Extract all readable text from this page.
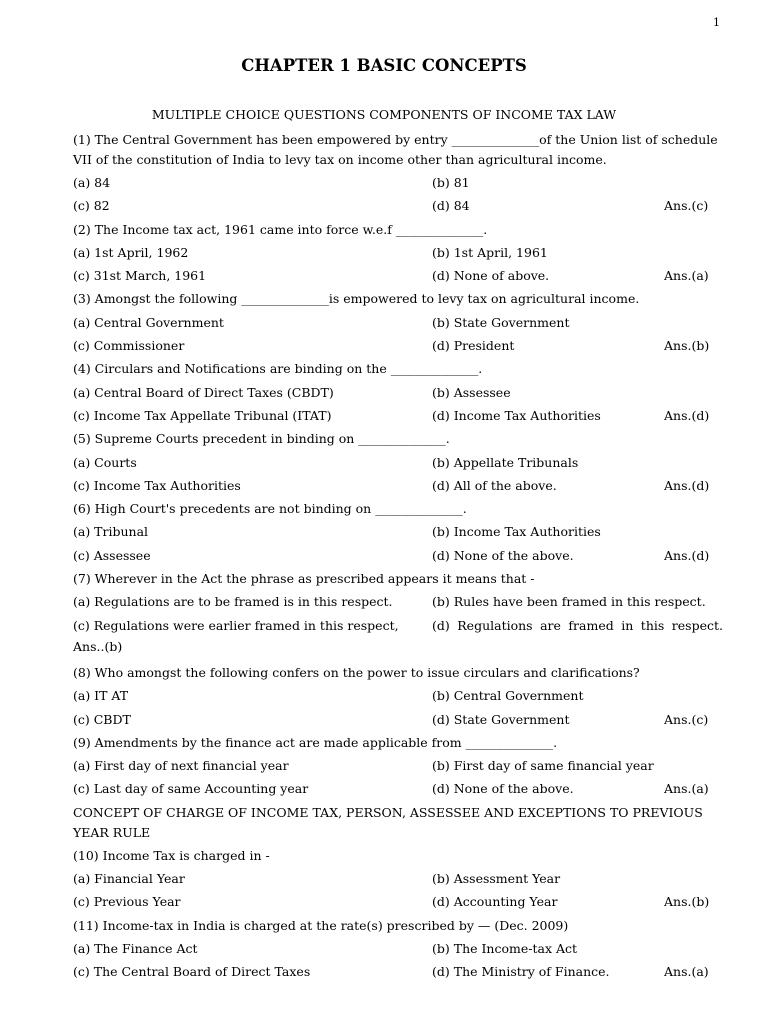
1
CHAPTER 1 BASIC CONCEPTS
MULTIPLE CHOICE QUESTIONS COMPONENTS OF INCOME TAX LAW
(1) The Central Government has been empowered by entry ______________of the Union list of schedule VII of the constitution of India to levy tax on income other than agricultural income.
(a) 84	(b) 81
(c) 82	(d) 84	Ans.(c)
(2) The Income tax act, 1961 came into force w.e.f ______________.
(a) 1st April, 1962	(b) 1st April, 1961
(c) 31st March, 1961	(d) None of above.	Ans.(a)
(3) Amongst the following ______________is empowered to levy tax on agricultural income.
(a) Central Government	(b) State Government
(c) Commissioner	(d) President	Ans.(b)
(4) Circulars and Notifications are binding on the ______________.
(a) Central Board of Direct Taxes (CBDT)	(b) Assessee
(c) Income Tax Appellate Tribunal (ITAT)	(d) Income Tax Authorities	Ans.(d)
(5) Supreme Courts precedent in binding on ______________.
(a) Courts	(b) Appellate Tribunals
(c) Income Tax Authorities	(d) All of the above.	Ans.(d)
(6) High Court's precedents are not binding on ______________.
(a) Tribunal	(b) Income Tax Authorities
(c) Assessee	(d) None of the above.	Ans.(d)
(7) Wherever in the Act the phrase as prescribed appears it means that -
(a) Regulations are to be framed is in this respect.	(b) Rules have been framed in this respect.
(c) Regulations were earlier framed in this respect,	(d) Regulations are framed in this respect.
Ans..(b)
(8) Who amongst the following confers on the power to issue circulars and clarifications?
(a) IT AT	(b) Central Government
(c) CBDT	(d) State Government	Ans.(c)
(9) Amendments by the finance act are made applicable from ______________.
(a) First day of next financial year	(b) First day of same financial year
(c) Last day of same Accounting year	(d) None of the above.	Ans.(a)
CONCEPT OF CHARGE OF INCOME TAX, PERSON, ASSESSEE AND EXCEPTIONS TO PREVIOUS YEAR RULE
(10) Income Tax is charged in -
(a) Financial Year	(b) Assessment Year
(c) Previous Year	(d) Accounting Year	Ans.(b)
(11) Income-tax in India is charged at the rate(s) prescribed by — (Dec. 2009)
(a) The Finance Act	(b) The Income-tax Act
(c) The Central Board of Direct Taxes	(d) The Ministry of Finance.	Ans.(a)
